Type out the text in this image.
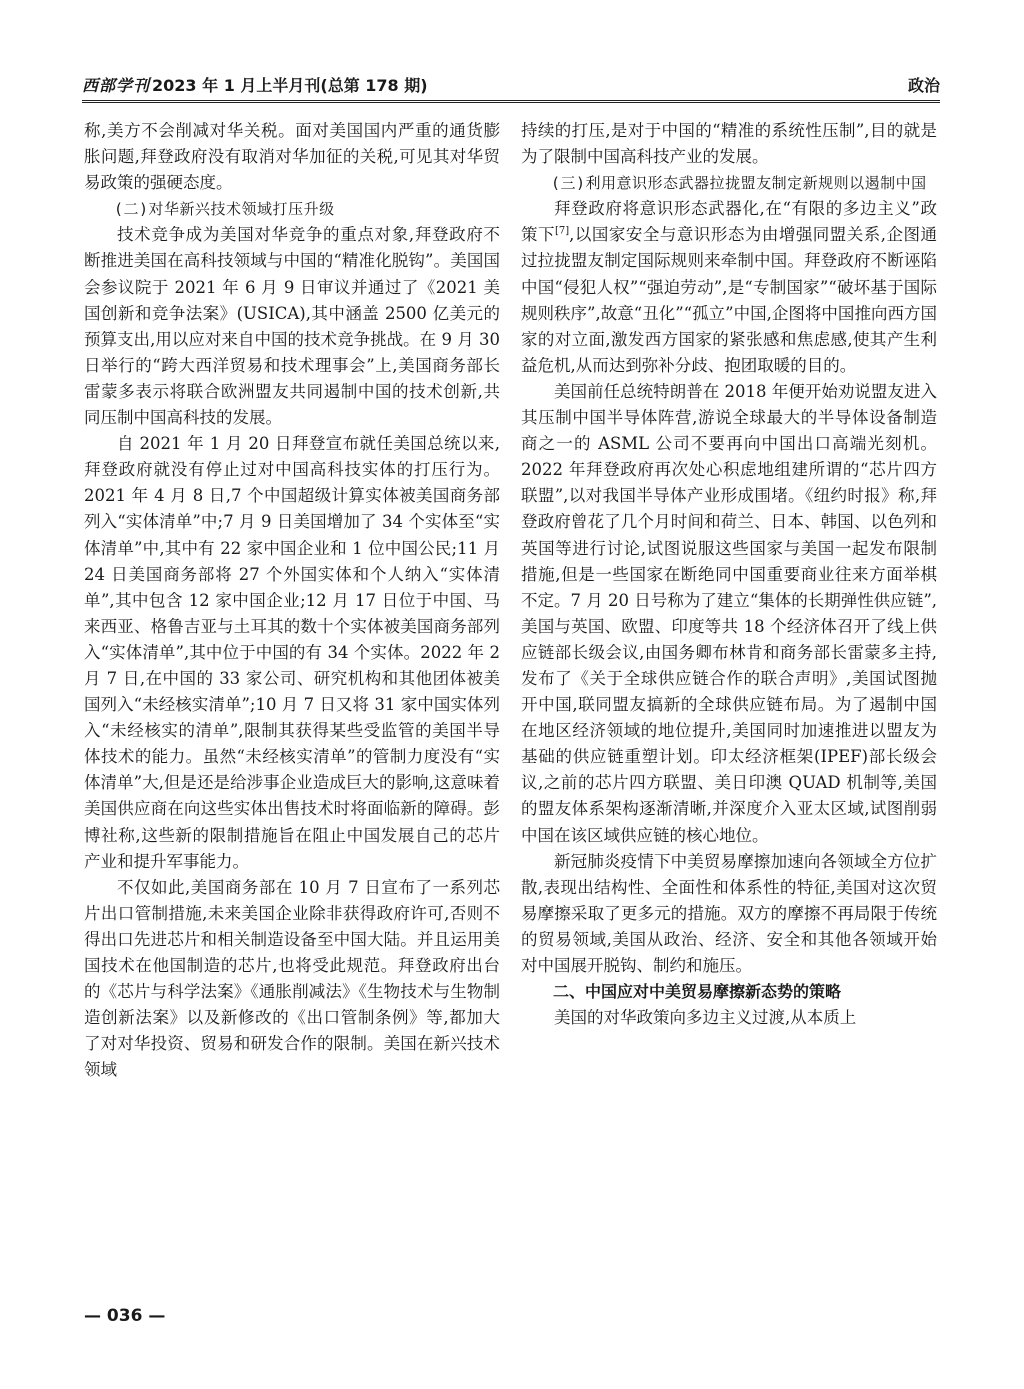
西部学刊 2023 年 1 月上半月刊(总第 178 期)	政治

称,美方不会削减对华关税。面对美国国内严重的通货膨胀问题,拜登政府没有取消对华加征的关税,可见其对华贸易政策的强硬态度。

(二)对华新兴技术领域打压升级

技术竞争成为美国对华竞争的重点对象,拜登政府不断推进美国在高科技领域与中国的“精准化脱钩”。美国国会参议院于 2021 年 6 月 9 日审议并通过了《2021 美国创新和竞争法案》(USICA),其中涵盖 2500 亿美元的预算支出,用以应对来自中国的技术竞争挑战。在 9 月 30 日举行的“跨大西洋贸易和技术理事会”上,美国商务部长雷蒙多表示将联合欧洲盟友共同遏制中国的技术创新,共同压制中国高科技的发展。

自 2021 年 1 月 20 日拜登宣布就任美国总统以来,拜登政府就没有停止过对中国高科技实体的打压行为。2021 年 4 月 8 日,7 个中国超级计算实体被美国商务部列入“实体清单”中;7 月 9 日美国增加了 34 个实体至“实体清单”中,其中有 22 家中国企业和 1 位中国公民;11 月 24 日美国商务部将 27 个外国实体和个人纳入“实体清单”,其中包含 12 家中国企业;12 月 17 日位于中国、马来西亚、格鲁吉亚与土耳其的数十个实体被美国商务部列入“实体清单”,其中位于中国的有 34 个实体。2022 年 2 月 7 日,在中国的 33 家公司、研究机构和其他团体被美国列入“未经核实清单”;10 月 7 日又将 31 家中国实体列入“未经核实的清单”,限制其获得某些受监管的美国半导体技术的能力。虽然“未经核实清单”的管制力度没有“实体清单”大,但是还是给涉事企业造成巨大的影响,这意味着美国供应商在向这些实体出售技术时将面临新的障碍。彭博社称,这些新的限制措施旨在阻止中国发展自己的芯片产业和提升军事能力。

不仅如此,美国商务部在 10 月 7 日宣布了一系列芯片出口管制措施,未来美国企业除非获得政府许可,否则不得出口先进芯片和相关制造设备至中国大陆。并且运用美国技术在他国制造的芯片,也将受此规范。拜登政府出台的《芯片与科学法案》《通胀削减法》《生物技术与生物制造创新法案》以及新修改的《出口管制条例》等,都加大了对对华投资、贸易和研发合作的限制。美国在新兴技术领域

持续的打压,是对于中国的“精准的系统性压制”,目的就是为了限制中国高科技产业的发展。

(三)利用意识形态武器拉拢盟友制定新规则以遏制中国

拜登政府将意识形态武器化,在“有限的多边主义”政策下[7],以国家安全与意识形态为由增强同盟关系,企图通过拉拢盟友制定国际规则来牵制中国。拜登政府不断诬陷中国“侵犯人权”“强迫劳动”,是“专制国家”“破坏基于国际规则秩序”,故意“丑化”“孤立”中国,企图将中国推向西方国家的对立面,激发西方国家的紧张感和焦虑感,使其产生利益危机,从而达到弥补分歧、抱团取暖的目的。

美国前任总统特朗普在 2018 年便开始劝说盟友进入其压制中国半导体阵营,游说全球最大的半导体设备制造商之一的 ASML 公司不要再向中国出口高端光刻机。2022 年拜登政府再次处心积虑地组建所谓的“芯片四方联盟”,以对我国半导体产业形成围堵。《纽约时报》称,拜登政府曾花了几个月时间和荷兰、日本、韩国、以色列和英国等进行讨论,试图说服这些国家与美国一起发布限制措施,但是一些国家在断绝同中国重要商业往来方面举棋不定。7 月 20 日号称为了建立“集体的长期弹性供应链”,美国与英国、欧盟、印度等共 18 个经济体召开了线上供应链部长级会议,由国务卿布林肯和商务部长雷蒙多主持,发布了《关于全球供应链合作的联合声明》,美国试图抛开中国,联同盟友搞新的全球供应链布局。为了遏制中国在地区经济领域的地位提升,美国同时加速推进以盟友为基础的供应链重塑计划。印太经济框架(IPEF)部长级会议,之前的芯片四方联盟、美日印澳 QUAD 机制等,美国的盟友体系架构逐渐清晰,并深度介入亚太区域,试图削弱中国在该区域供应链的核心地位。

新冠肺炎疫情下中美贸易摩擦加速向各领域全方位扩散,表现出结构性、全面性和体系性的特征,美国对这次贸易摩擦采取了更多元的措施。双方的摩擦不再局限于传统的贸易领域,美国从政治、经济、安全和其他各领域开始对中国展开脱钩、制约和施压。

二、中国应对中美贸易摩擦新态势的策略

美国的对华政策向多边主义过渡,从本质上

— 036 —
